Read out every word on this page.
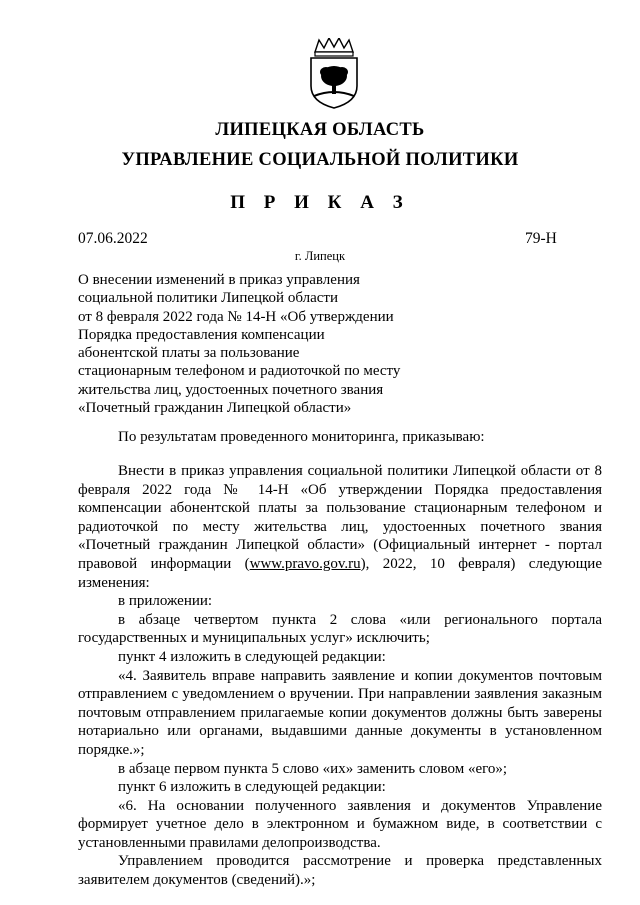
ЛИПЕЦКАЯ ОБЛАСТЬ
УПРАВЛЕНИЕ СОЦИАЛЬНОЙ ПОЛИТИКИ
П Р И К А З
07.06.2022	79-Н
г. Липецк
О внесении изменений в приказ управления
социальной политики Липецкой области
от 8 февраля 2022 года № 14-Н «Об утверждении
Порядка предоставления компенсации
абонентской платы за пользование
стационарным телефоном и радиоточкой по месту
жительства лиц, удостоенных почетного звания
«Почетный гражданин Липецкой области»

По результатам проведенного мониторинга, приказываю:

Внести в приказ управления социальной политики Липецкой области от 8 февраля 2022 года № 14-Н «Об утверждении Порядка предоставления компенсации абонентской платы за пользование стационарным телефоном и радиоточкой по месту жительства лиц, удостоенных почетного звания «Почетный гражданин Липецкой области» (Официальный интернет - портал правовой информации (www.pravo.gov.ru), 2022, 10 февраля) следующие изменения:

в приложении:

в абзаце четвертом пункта 2 слова «или регионального портала государственных и муниципальных услуг» исключить;

пункт 4 изложить в следующей редакции:

«4. Заявитель вправе направить заявление и копии документов почтовым отправлением с уведомлением о вручении. При направлении заявления заказным почтовым отправлением прилагаемые копии документов должны быть заверены нотариально или органами, выдавшими данные документы в установленном порядке.»;

в абзаце первом пункта 5 слово «их» заменить словом «его»;

пункт 6 изложить в следующей редакции:

«6. На основании полученного заявления и документов Управление формирует учетное дело в электронном и бумажном виде, в соответствии с установленными правилами делопроизводства.

Управлением проводится рассмотрение и проверка представленных заявителем документов (сведений).»;
